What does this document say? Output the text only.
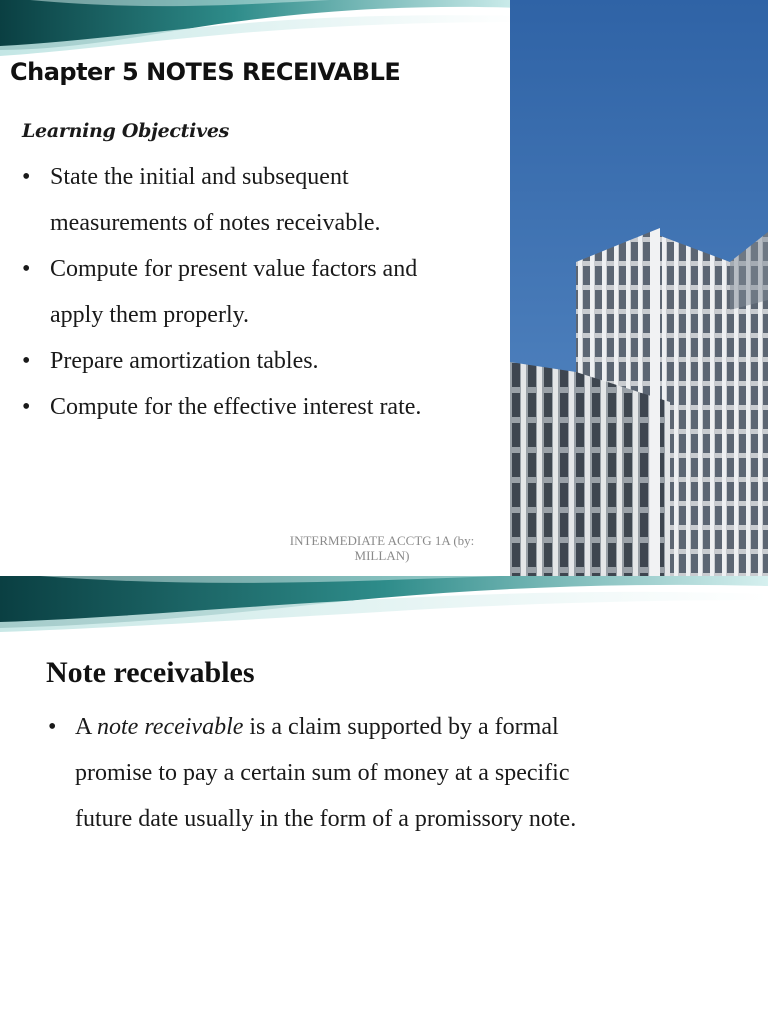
Chapter 5 NOTES RECEIVABLE
Learning Objectives
• State the initial and subsequent
measurements of notes receivable.
• Compute for present value factors and
apply them properly.
• Prepare amortization tables.
• Compute for the effective interest rate.
INTERMEDIATE ACCTG 1A (by:
MILLAN)
Note receivables
• A note receivable is a claim supported by a formal
promise to pay a certain sum of money at a specific
future date usually in the form of a promissory note.
